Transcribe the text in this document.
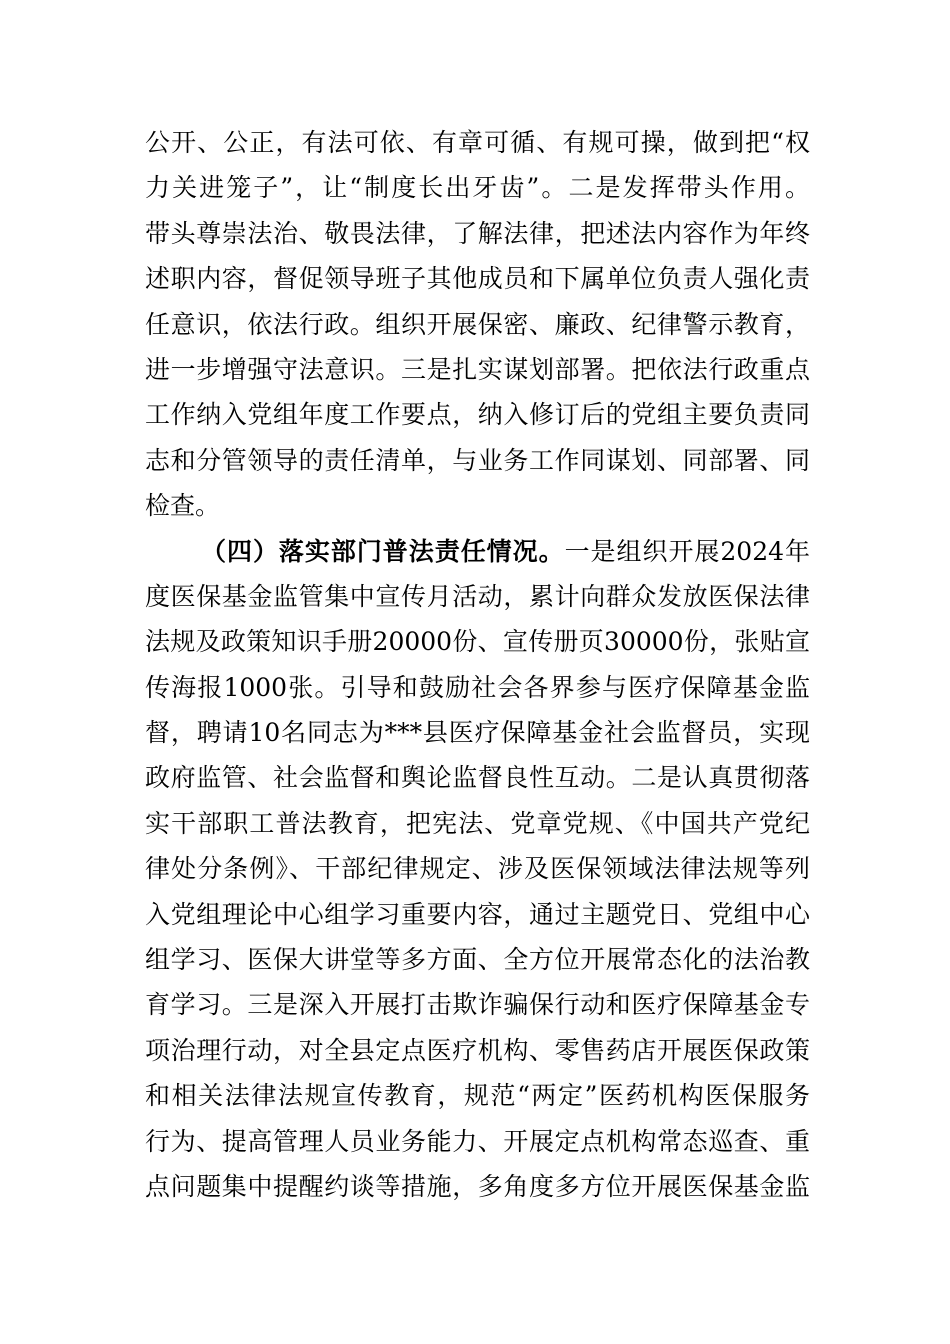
公开、公正，有法可依、有章可循、有规可操，做到把“权
力关进笼子”，让“制度长出牙齿”。二是发挥带头作用。
带头尊崇法治、敬畏法律，了解法律，把述法内容作为年终
述职内容，督促领导班子其他成员和下属单位负责人强化责
任意识，依法行政。组织开展保密、廉政、纪律警示教育，
进一步增强守法意识。三是扎实谋划部署。把依法行政重点
工作纳入党组年度工作要点，纳入修订后的党组主要负责同
志和分管领导的责任清单，与业务工作同谋划、同部署、同
检查。
（四）落实部门普法责任情况。一是组织开展2024年
度医保基金监管集中宣传月活动，累计向群众发放医保法律
法规及政策知识手册20000份、宣传册页30000份，张贴宣
传海报1000张。引导和鼓励社会各界参与医疗保障基金监
督，聘请10名同志为***县医疗保障基金社会监督员，实现
政府监管、社会监督和舆论监督良性互动。二是认真贯彻落
实干部职工普法教育，把宪法、党章党规、《中国共产党纪
律处分条例》、干部纪律规定、涉及医保领域法律法规等列
入党组理论中心组学习重要内容，通过主题党日、党组中心
组学习、医保大讲堂等多方面、全方位开展常态化的法治教
育学习。三是深入开展打击欺诈骗保行动和医疗保障基金专
项治理行动，对全县定点医疗机构、零售药店开展医保政策
和相关法律法规宣传教育，规范“两定”医药机构医保服务
行为、提高管理人员业务能力、开展定点机构常态巡查、重
点问题集中提醒约谈等措施，多角度多方位开展医保基金监
